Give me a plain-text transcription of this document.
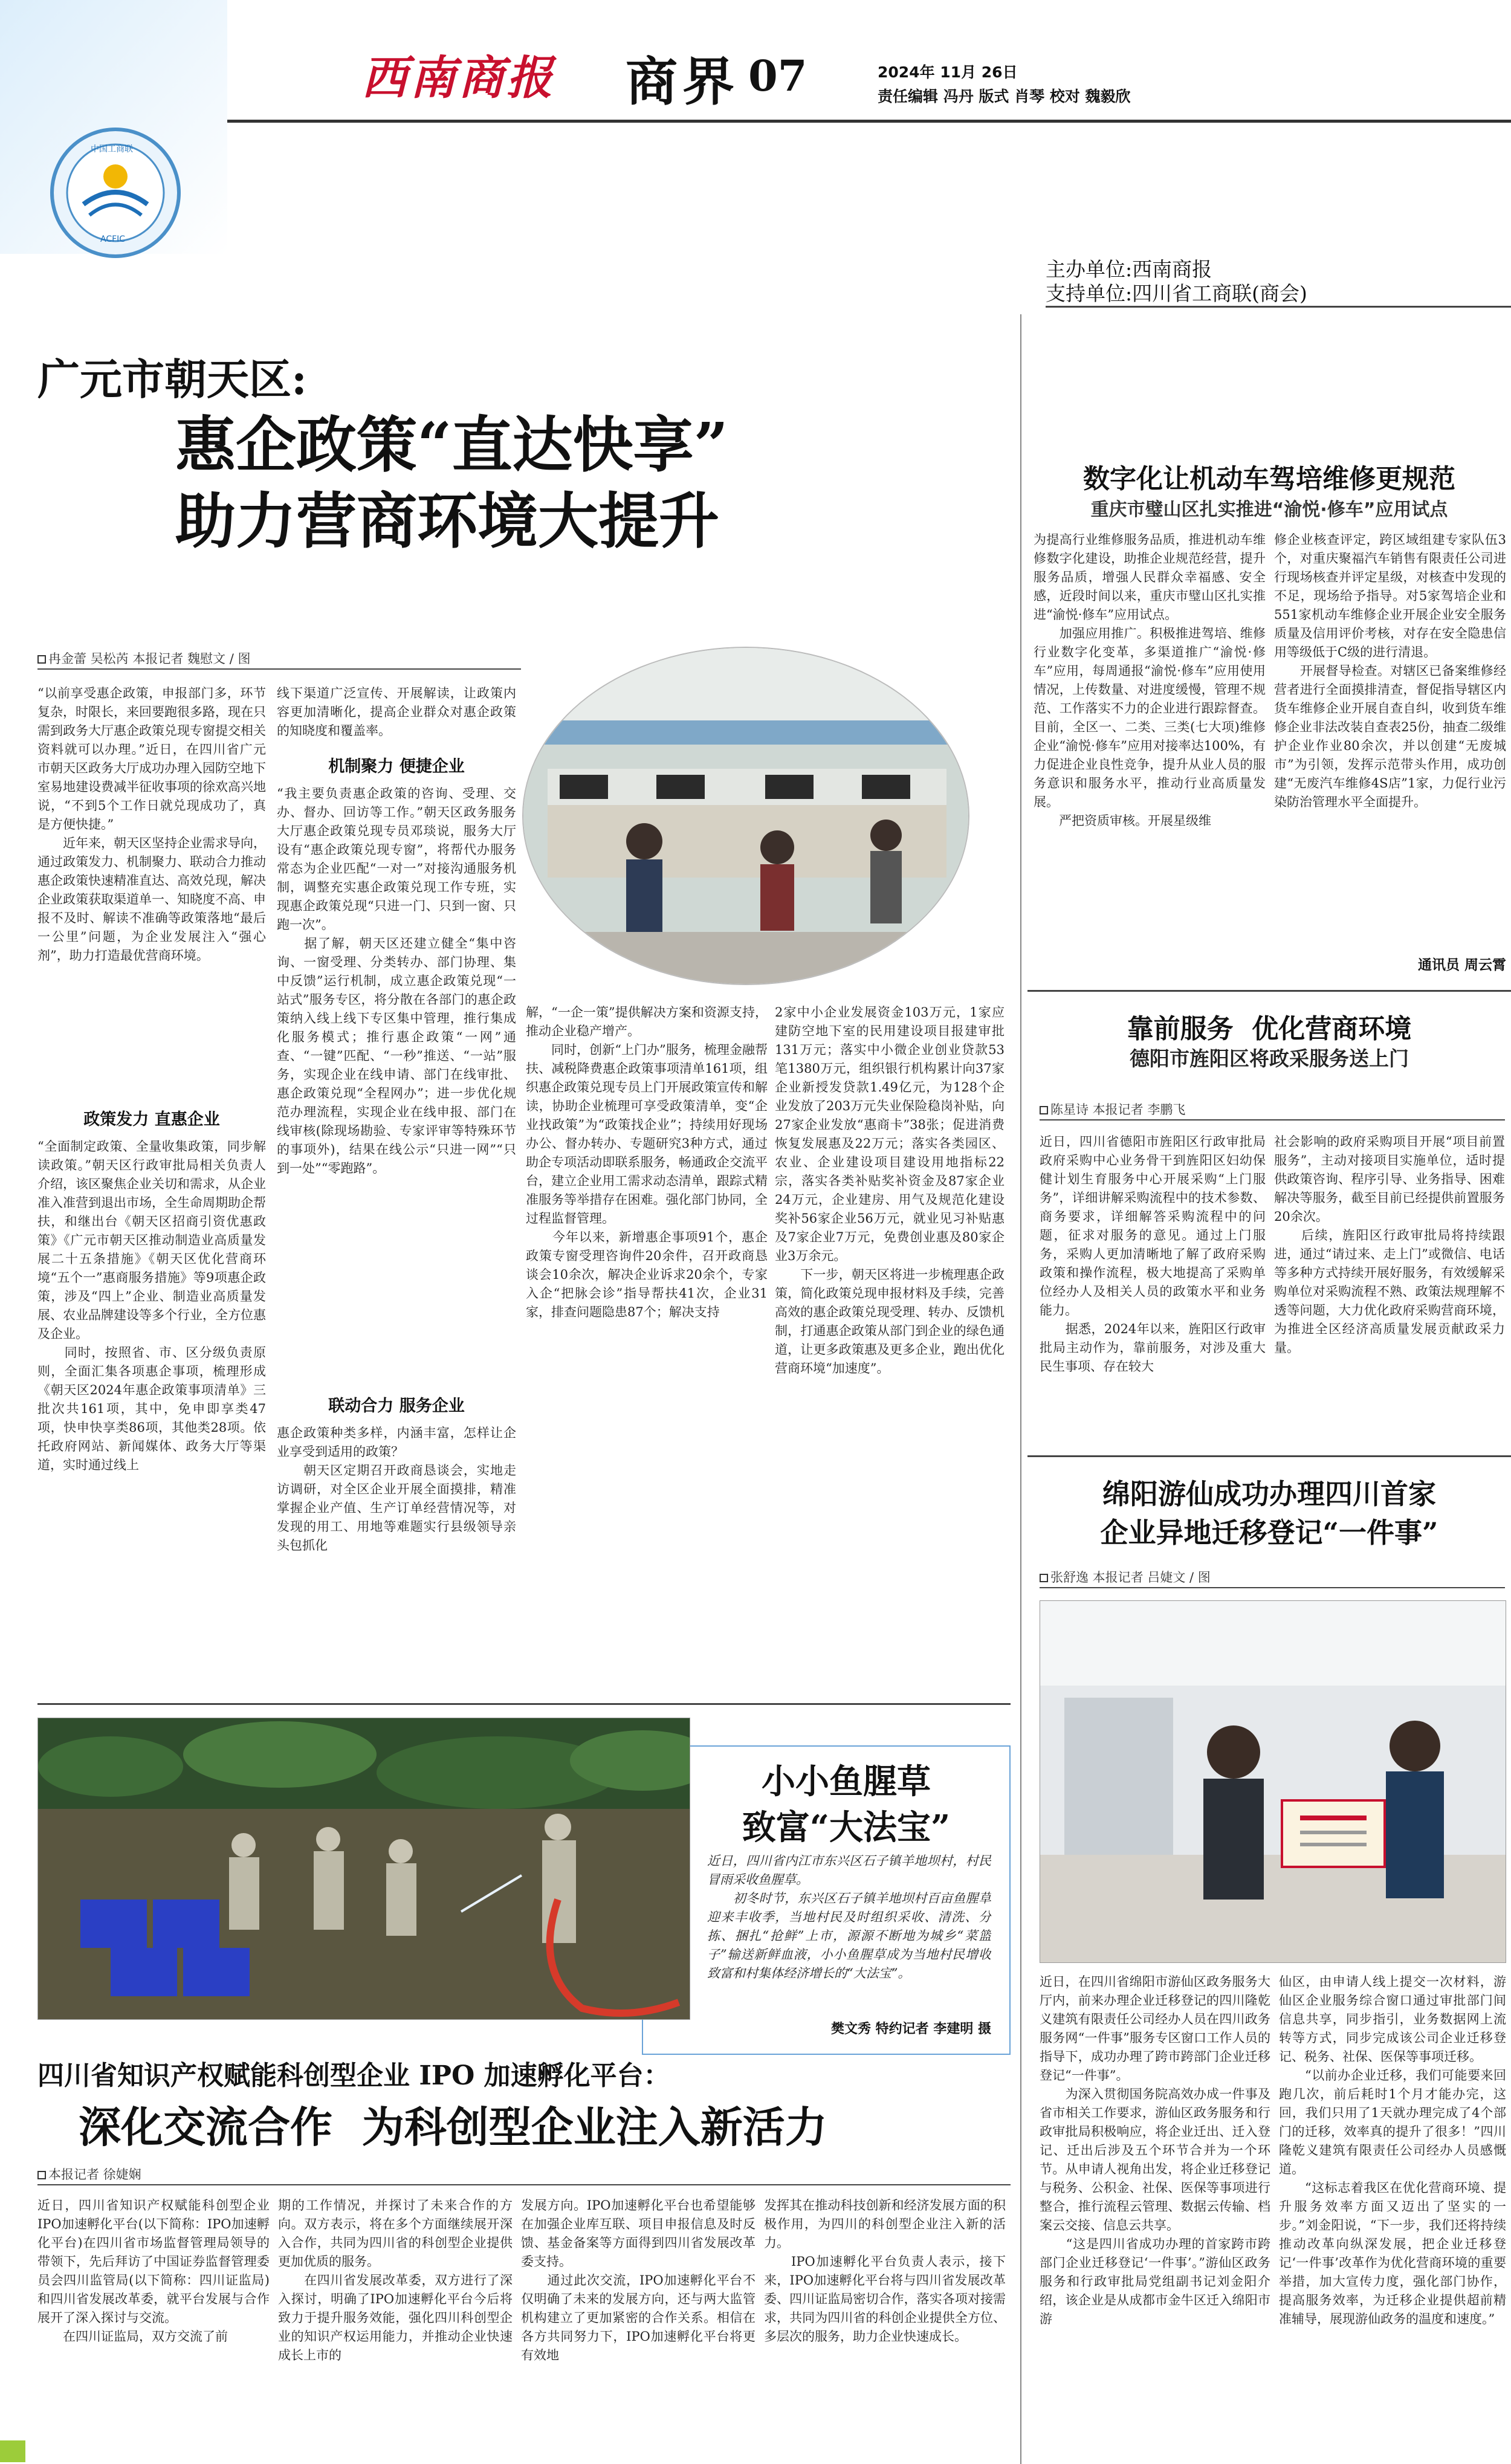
西南商报 商界 07	2024年 11月 26日
责任编辑 冯丹 版式 肖琴 校对 魏毅欣
中国工商联
ACFIC
主办单位:西南商报
支持单位:四川省工商联(商会)
广元市朝天区:
惠企政策“直达快享”
助力营商环境大提升
冉金蕾 吴松芮 本报记者 魏慰文 / 图
“以前享受惠企政策，申报部门多，环节复杂，时限长，来回要跑很多路，现在只需到政务大厅惠企政策兑现专窗提交相关资料就可以办理。”近日，在四川省广元市朝天区政务大厅成功办理入园防空地下室易地建设费减半征收事项的徐欢高兴地说，“不到5个工作日就兑现成功了，真是方便快捷。”
　　近年来，朝天区坚持企业需求导向，通过政策发力、机制聚力、联动合力推动惠企政策快速精准直达、高效兑现，解决企业政策获取渠道单一、知晓度不高、申报不及时、解读不准确等政策落地“最后一公里”问题，为企业发展注入“强心剂”，助力打造最优营商环境。
政策发力 直惠企业
“全面制定政策、全量收集政策，同步解读政策。”朝天区行政审批局相关负责人介绍，该区聚焦企业关切和需求，从企业准入准营到退出市场，全生命周期助企帮扶，和继出台《朝天区招商引资优惠政策》《广元市朝天区推动制造业高质量发展二十五条措施》《朝天区优化营商环境“五个一”惠商服务措施》等9项惠企政策，涉及“四上”企业、制造业高质量发展、农业品牌建设等多个行业，全方位惠及企业。
　　同时，按照省、市、区分级负责原则，全面汇集各项惠企事项，梳理形成《朝天区2024年惠企政策事项清单》三批次共161项，其中，免申即享类47项，快申快享类86项，其他类28项。依托政府网站、新闻媒体、政务大厅等渠道，实时通过线上
线下渠道广泛宣传、开展解读，让政策内容更加清晰化，提高企业群众对惠企政策的知晓度和覆盖率。
机制聚力 便捷企业
“我主要负责惠企政策的咨询、受理、交办、督办、回访等工作。”朝天区政务服务大厅惠企政策兑现专员邓琰说，服务大厅设有“惠企政策兑现专窗”，将帮代办服务常态为企业匹配“一对一”对接沟通服务机制，调整充实惠企政策兑现工作专班，实现惠企政策兑现“只进一门、只到一窗、只跑一次”。
　　据了解，朝天区还建立健全“集中咨询、一窗受理、分类转办、部门协理、集中反馈”运行机制，成立惠企政策兑现“一站式”服务专区，将分散在各部门的惠企政策纳入线上线下专区集中管理，推行集成化服务模式；推行惠企政策“一网”通查、“一键”匹配、“一秒”推送、“一站”服务，实现企业在线申请、部门在线审批、惠企政策兑现“全程网办”；进一步优化规范办理流程，实现企业在线申报、部门在线审核(除现场勘验、专家评审等特殊环节的事项外)，结果在线公示“只进一网”“只到一处”“零跑路”。
联动合力 服务企业
惠企政策种类多样，内涵丰富，怎样让企业享受到适用的政策？
　　朝天区定期召开政商恳谈会，实地走访调研，对全区企业开展全面摸排，精准掌握企业产值、生产订单经营情况等，对发现的用工、用地等难题实行县级领导亲头包抓化
解，“一企一策”提供解决方案和资源支持，推动企业稳产增产。
　　同时，创新“上门办”服务，梳理金融帮扶、减税降费惠企政策事项清单161项，组织惠企政策兑现专员上门开展政策宣传和解读，协助企业梳理可享受政策清单，变“企业找政策”为“政策找企业”；持续用好现场办公、督办转办、专题研究3种方式，通过助企专项活动即联系服务，畅通政企交流平台，建立企业用工需求动态清单，跟踪式精准服务等举措存在困难。强化部门协同，全过程监督管理。
　　今年以来，新增惠企事项91个，惠企政策专窗受理咨询件20余件，召开政商恳谈会10余次，解决企业诉求20余个，专家入企“把脉会诊”指导帮扶41次，企业31家，排查问题隐患87个；解决支持
2家中小企业发展资金103万元，1家应建防空地下室的民用建设项目报建审批131万元；落实中小微企业创业贷款53笔1380万元，组织银行机构累计向37家企业新授发贷款1.49亿元，为128个企业发放了203万元失业保险稳岗补贴，向27家企业发放“惠商卡”38张；促进消费恢复发展惠及22万元；落实各类园区、农业、企业建设项目建设用地指标22宗，落实各类补贴奖补资金及87家企业24万元，企业建房、用气及规范化建设奖补56家企业56万元，就业见习补贴惠及7家企业7万元，免费创业惠及80家企业3万余元。
　　下一步，朝天区将进一步梳理惠企政策，简化政策兑现申报材料及手续，完善高效的惠企政策兑现受理、转办、反馈机制，打通惠企政策从部门到企业的绿色通道，让更多政策惠及更多企业，跑出优化营商环境“加速度”。
数字化让机动车驾培维修更规范
重庆市璧山区扎实推进“渝悦·修车”应用试点
为提高行业维修服务品质，推进机动车维修数字化建设，助推企业规范经营，提升服务品质，增强人民群众幸福感、安全感，近段时间以来，重庆市璧山区扎实推进“渝悦·修车”应用试点。
　　加强应用推广。积极推进驾培、维修行业数字化变革，多渠道推广“渝悦·修车”应用，每周通报“渝悦·修车”应用使用情况，上传数量、对进度缓慢，管理不规范、工作落实不力的企业进行跟踪督查。目前，全区一、二类、三类(七大项)维修企业“渝悦·修车”应用对接率达100%，有力促进企业良性竞争，提升从业人员的服务意识和服务水平，推动行业高质量发展。
　　严把资质审核。开展星级维
修企业核查评定，跨区域组建专家队伍3个，对重庆聚福汽车销售有限责任公司进行现场核查并评定星级，对核查中发现的不足，现场给予指导。对5家驾培企业和551家机动车维修企业开展企业安全服务质量及信用评价考核，对存在安全隐患信用等级低于C级的进行清退。
　　开展督导检查。对辖区已备案维修经营者进行全面摸排清查，督促指导辖区内货车维修企业开展自查自纠，收到货车维修企业非法改装自查表25份，抽查二级维护企业作业80余次，并以创建“无废城市”为引领，发挥示范带头作用，成功创建“无废汽车维修4S店”1家，力促行业污染防治管理水平全面提升。
通讯员 周云霄
靠前服务  优化营商环境
德阳市旌阳区将政采服务送上门
陈星诗 本报记者 李鹏飞
近日，四川省德阳市旌阳区行政审批局政府采购中心业务骨干到旌阳区妇幼保健计划生育服务中心开展采购“上门服务”，详细讲解采购流程中的技术参数、商务要求，详细解答采购流程中的问题，征求对服务的意见。通过上门服务，采购人更加清晰地了解了政府采购政策和操作流程，极大地提高了采购单位经办人及相关人员的政策水平和业务能力。
　　据悉，2024年以来，旌阳区行政审批局主动作为，靠前服务，对涉及重大民生事项、存在较大
社会影响的政府采购项目开展“项目前置服务”，主动对接项目实施单位，适时提供政策咨询、程序引导、业务指导、困难解决等服务，截至目前已经提供前置服务20余次。
　　后续，旌阳区行政审批局将持续跟进，通过“请过来、走上门”或微信、电话等多种方式持续开展好服务，有效缓解采购单位对采购流程不熟、政策法规理解不透等问题，大力优化政府采购营商环境，为推进全区经济高质量发展贡献政采力量。
绵阳游仙成功办理四川首家
企业异地迁移登记“一件事”
张舒逸 本报记者 吕婕文 / 图
近日，在四川省绵阳市游仙区政务服务大厅内，前来办理企业迁移登记的四川隆乾义建筑有限责任公司经办人员在四川政务服务网“一件事”服务专区窗口工作人员的指导下，成功办理了跨市跨部门企业迁移登记“一件事”。
　　为深入贯彻国务院高效办成一件事及省市相关工作要求，游仙区政务服务和行政审批局积极响应，将企业迁出、迁入登记、迁出后涉及五个环节合并为一个环节。从申请人视角出发，将企业迁移登记与税务、公积金、社保、医保等事项进行整合，推行流程云管理、数据云传输、档案云交接、信息云共享。
　　“这是四川省成功办理的首家跨市跨部门企业迁移登记‘一件事’。”游仙区政务服务和行政审批局党组副书记刘金阳介绍，该企业是从成都市金牛区迁入绵阳市游
仙区，由申请人线上提交一次材料，游仙区企业服务综合窗口通过审批部门间信息共享，同步指引，业务数据网上流转等方式，同步完成该公司企业迁移登记、税务、社保、医保等事项迁移。
　　“以前办企业迁移，我们可能要来回跑几次，前后耗时1个月才能办完，这回，我们只用了1天就办理完成了4个部门的迁移，效率真的提升了很多！”四川隆乾义建筑有限责任公司经办人员感慨道。
　　“这标志着我区在优化营商环境、提升服务效率方面又迈出了坚实的一步。”刘金阳说，“下一步，我们还将持续推动改革向纵深发展，把企业迁移登记‘一件事’改革作为优化营商环境的重要举措，加大宣传力度，强化部门协作，提高服务效率，为迁移企业提供超前精准辅导，展现游仙政务的温度和速度。”
小小鱼腥草
致富“大法宝”
近日，四川省内江市东兴区石子镇羊地坝村，村民冒雨采收鱼腥草。
　　初冬时节，东兴区石子镇羊地坝村百亩鱼腥草迎来丰收季，当地村民及时组织采收、清洗、分拣、捆扎“抢鲜”上市，源源不断地为城乡“菜篮子”输送新鲜血液，小小鱼腥草成为当地村民增收致富和村集体经济增长的“大法宝”。
樊文秀 特约记者 李建明 摄
四川省知识产权赋能科创型企业 IPO 加速孵化平台：
深化交流合作  为科创型企业注入新活力
本报记者 徐婕娴
近日，四川省知识产权赋能科创型企业IPO加速孵化平台(以下简称：IPO加速孵化平台)在四川省市场监督管理局领导的带领下，先后拜访了中国证券监督管理委员会四川监管局(以下简称：四川证监局)和四川省发展改革委，就平台发展与合作展开了深入探讨与交流。
　　在四川证监局，双方交流了前
期的工作情况，并探讨了未来合作的方向。双方表示，将在多个方面继续展开深入合作，共同为四川省的科创型企业提供更加优质的服务。
　　在四川省发展改革委，双方进行了深入探讨，明确了IPO加速孵化平台今后将致力于提升服务效能，强化四川科创型企业的知识产权运用能力，并推动企业快速成长上市的
发展方向。IPO加速孵化平台也希望能够在加强企业库互联、项目申报信息及时反馈、基金备案等方面得到四川省发展改革委支持。
　　通过此次交流，IPO加速孵化平台不仅明确了未来的发展方向，还与两大监管机构建立了更加紧密的合作关系。相信在各方共同努力下，IPO加速孵化平台将更有效地
发挥其在推动科技创新和经济发展方面的积极作用，为四川的科创型企业注入新的活力。
　　IPO加速孵化平台负责人表示，接下来，IPO加速孵化平台将与四川省发展改革委、四川证监局密切合作，落实各项对接需求，共同为四川省的科创企业提供全方位、多层次的服务，助力企业快速成长。
